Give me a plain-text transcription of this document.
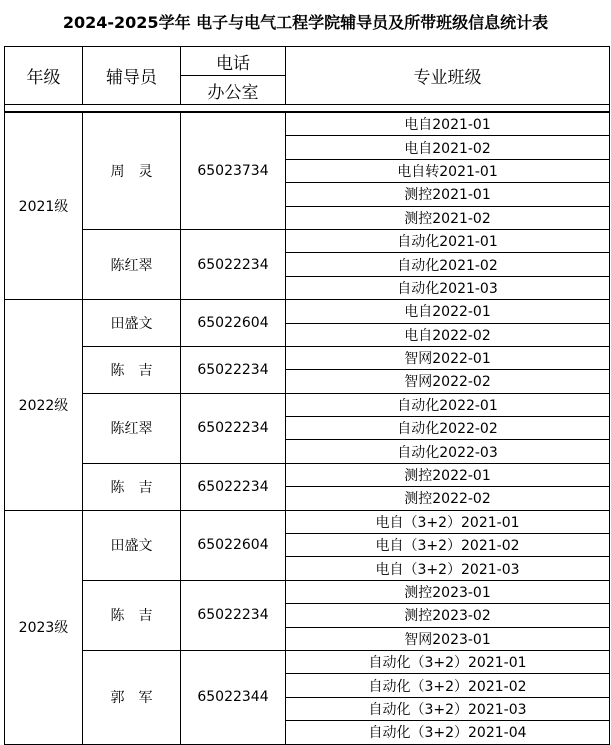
2024-2025学年 电子与电气工程学院辅导员及所带班级信息统计表
年级	辅导员	电话	专业班级
		办公室	

2021级	周　灵	65023734	电自2021-01
			电自2021-02
			电自转2021-01
			测控2021-01
			测控2021-02
	陈红翠	65022234	自动化2021-01
			自动化2021-02
			自动化2021-03
2022级	田盛文	65022604	电自2022-01
			电自2022-02
	陈　吉	65022234	智网2022-01
			智网2022-02
	陈红翠	65022234	自动化2022-01
			自动化2022-02
			自动化2022-03
	陈　吉	65022234	测控2022-01
			测控2022-02
2023级	田盛文	65022604	电自（3+2）2021-01
			电自（3+2）2021-02
			电自（3+2）2021-03
	陈　吉	65022234	测控2023-01
			测控2023-02
			智网2023-01
	郭　军	65022344	自动化（3+2）2021-01
			自动化（3+2）2021-02
			自动化（3+2）2021-03
			自动化（3+2）2021-04
